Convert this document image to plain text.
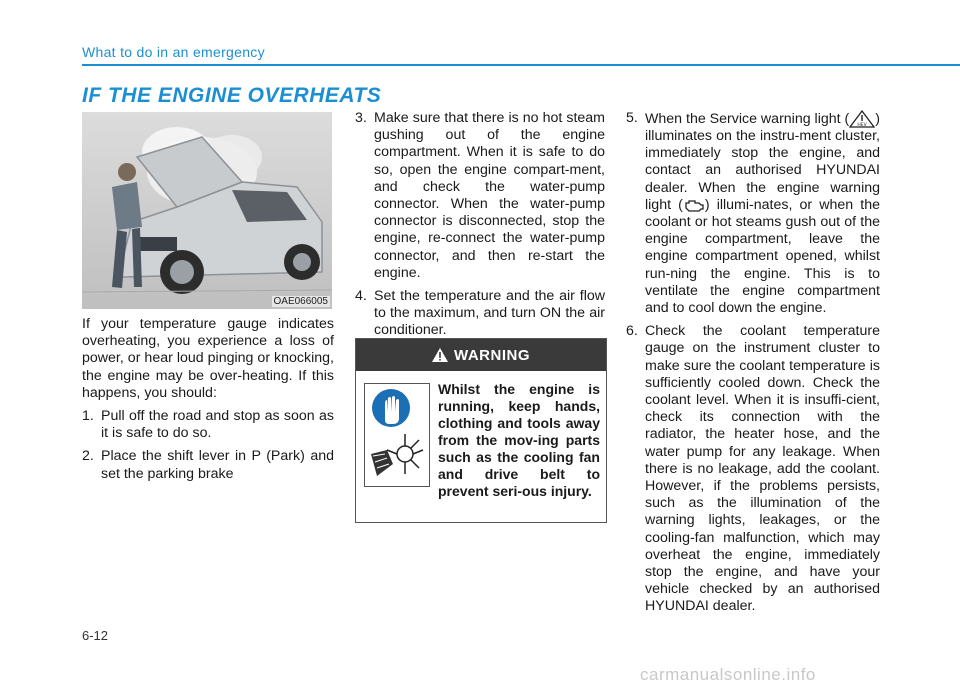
What to do in an emergency
IF THE ENGINE OVERHEATS
OAE066005

If your temperature gauge indicates overheating, you experience a loss of power, or hear loud pinging or knocking, the engine may be over-heating. If this happens, you should:

1. Pull off the road and stop as soon as it is safe to do so.
2. Place the shift lever in P (Park) and set the parking brake
3. Make sure that there is no hot steam gushing out of the engine compartment. When it is safe to do so, open the engine compart-ment, and check the water-pump connector. When the water-pump connector is disconnected, stop the engine, re-connect the water-pump connector, and then re-start the engine.
4. Set the temperature and the air flow to the maximum, and turn ON the air conditioner.
WARNING
Whilst the engine is running, keep hands, clothing and tools away from the mov-ing parts such as the cooling fan and drive belt to prevent seri-ous injury.
5. When the Service warning light ( HEV ) illuminates on the instru-ment cluster, immediately stop the engine, and contact an authorised HYUNDAI dealer. When the engine warning light ( ) illumi-nates, or when the coolant or hot steams gush out of the engine compartment, leave the engine compartment opened, whilst run-ning the engine. This is to ventilate the engine compartment and to cool down the engine.
6. Check the coolant temperature gauge on the instrument cluster to make sure the coolant temperature is sufficiently cooled down. Check the coolant level. When it is insuffi-cient, check its connection with the radiator, the heater hose, and the water pump for any leakage. When there is no leakage, add the coolant. However, if the problems persists, such as the illumination of the warning lights, leakages, or the cooling-fan malfunction, which may overheat the engine, immediately stop the engine, and have your vehicle checked by an authorised HYUNDAI dealer.
6-12
carmanualsonline.info
